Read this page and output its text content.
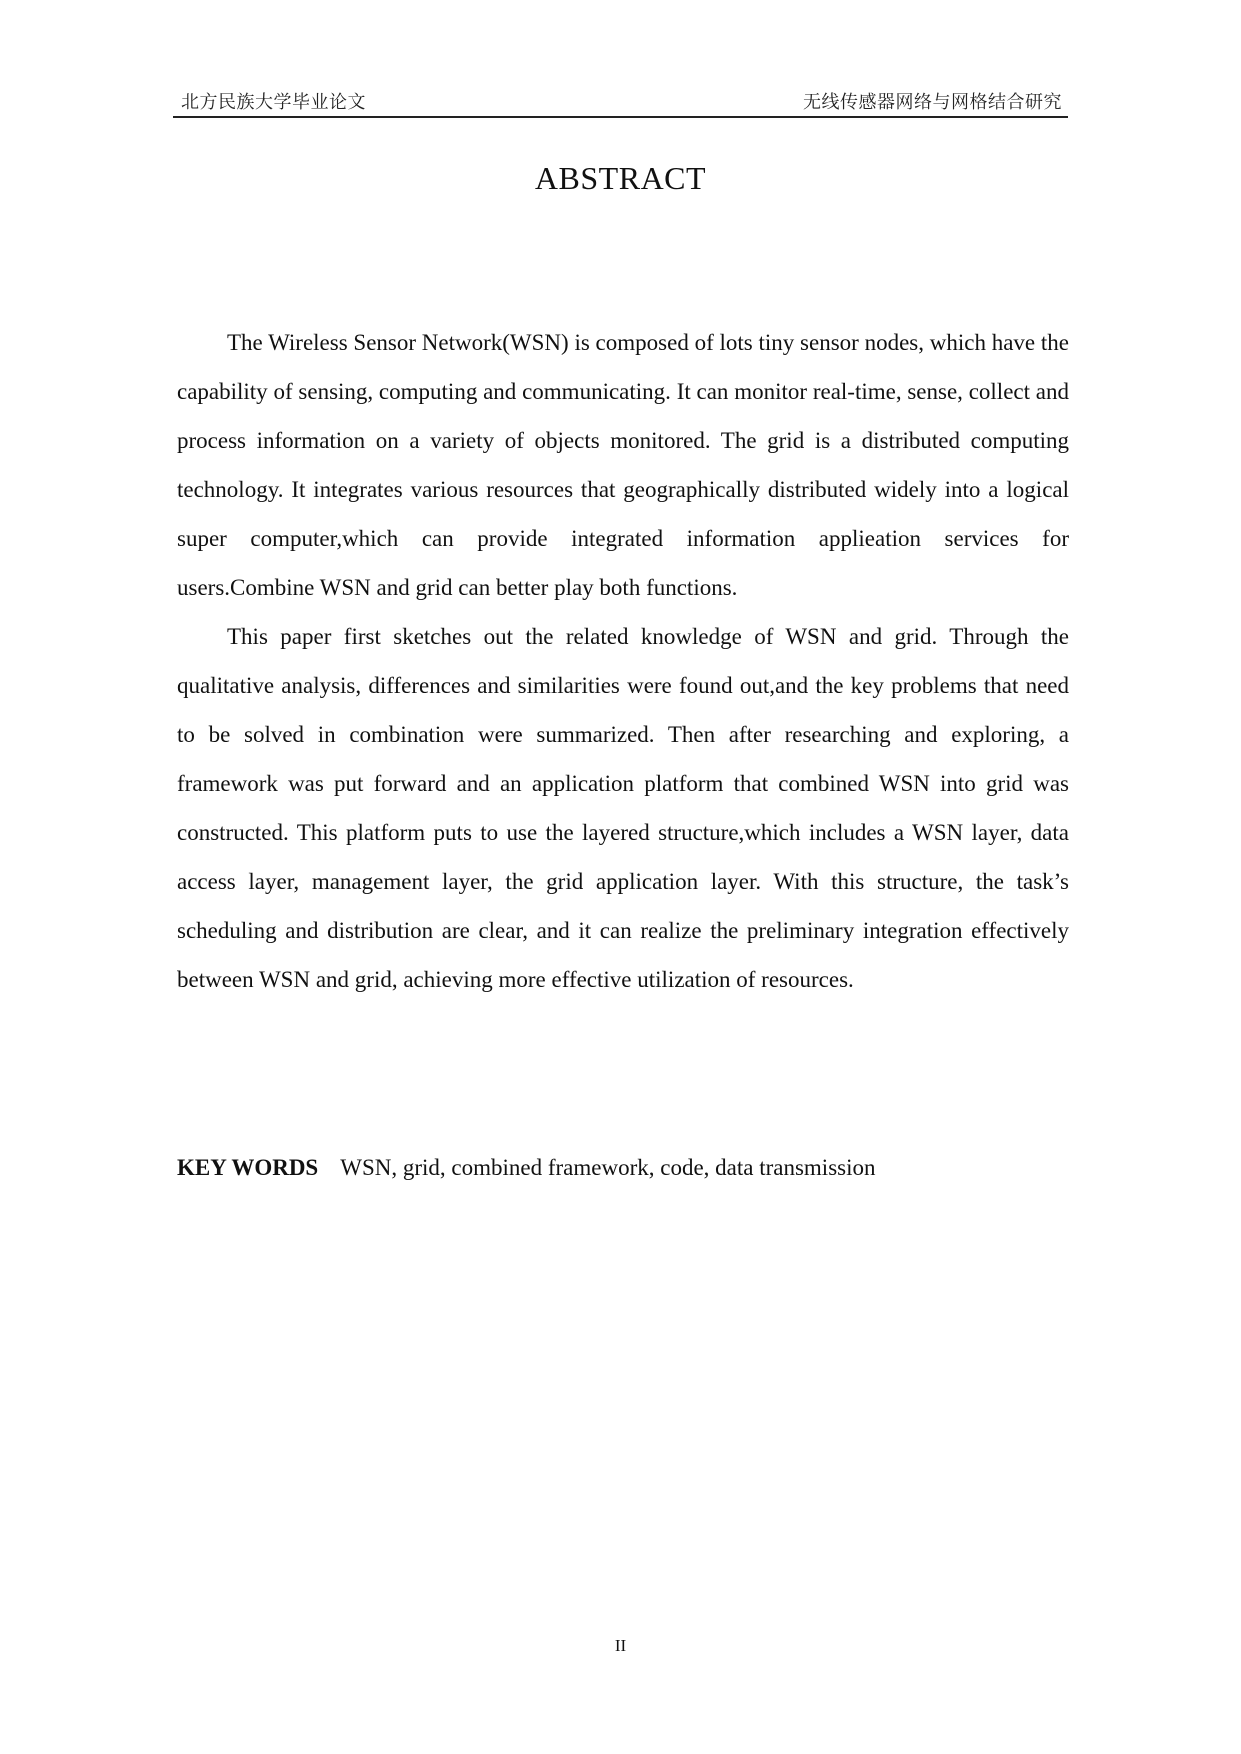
北方民族大学毕业论文	无线传感器网络与网格结合研究
ABSTRACT

The Wireless Sensor Network(WSN) is composed of lots tiny sensor nodes, which have the capability of sensing, computing and communicating. It can monitor real-time, sense, collect and process information on a variety of objects monitored. The grid is a distributed computing technology. It integrates various resources that geographically distributed widely into a logical super computer,which can provide integrated information applieation services for users.Combine WSN and grid can better play both functions.

This paper first sketches out the related knowledge of WSN and grid. Through the qualitative analysis, differences and similarities were found out,and the key problems that need to be solved in combination were summarized. Then after researching and exploring, a framework was put forward and an application platform that combined WSN into grid was constructed. This platform puts to use the layered structure,which includes a WSN layer, data access layer, management layer, the grid application layer. With this structure, the task’s scheduling and distribution are clear, and it can realize the preliminary integration effectively between WSN and grid, achieving more effective utilization of resources.

KEY WORDS WSN, grid, combined framework, code, data transmission
II
